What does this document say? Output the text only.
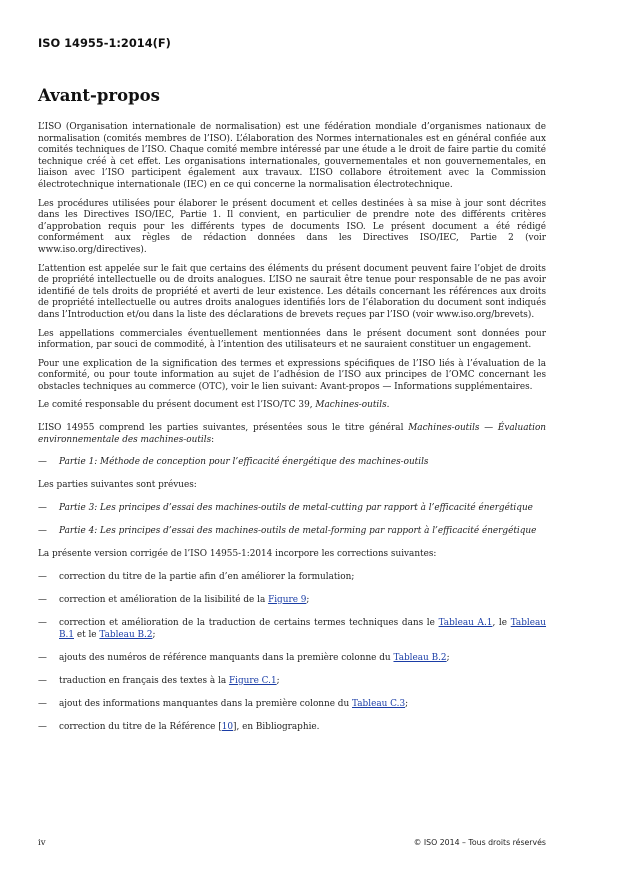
ISO 14955-1:2014(F)
Avant-propos

L’ISO (Organisation internationale de normalisation) est une fédération mondiale d’organismes nationaux de normalisation (comités membres de l’ISO). L’élaboration des Normes internationales est en général confiée aux comités techniques de l’ISO. Chaque comité membre intéressé par une étude a le droit de faire partie du comité technique créé à cet effet. Les organisations internationales, gouvernementales et non gouvernementales, en liaison avec l’ISO participent également aux travaux. L’ISO collabore étroitement avec la Commission électrotechnique internationale (IEC) en ce qui concerne la normalisation électrotechnique.

Les procédures utilisées pour élaborer le présent document et celles destinées à sa mise à jour sont décrites dans les Directives ISO/IEC, Partie 1. Il convient, en particulier de prendre note des différents critères d’approbation requis pour les différents types de documents ISO. Le présent document a été rédigé conformément aux règles de rédaction données dans les Directives ISO/IEC, Partie 2 (voir www.iso.org/directives).

L’attention est appelée sur le fait que certains des éléments du présent document peuvent faire l’objet de droits de propriété intellectuelle ou de droits analogues. L’ISO ne saurait être tenue pour responsable de ne pas avoir identifié de tels droits de propriété et averti de leur existence. Les détails concernant les références aux droits de propriété intellectuelle ou autres droits analogues identifiés lors de l’élaboration du document sont indiqués dans l’Introduction et/ou dans la liste des déclarations de brevets reçues par l’ISO (voir www.iso.org/brevets).

Les appellations commerciales éventuellement mentionnées dans le présent document sont données pour information, par souci de commodité, à l’intention des utilisateurs et ne sauraient constituer un engagement.

Pour une explication de la signification des termes et expressions spécifiques de l’ISO liés à l’évaluation de la conformité, ou pour toute information au sujet de l’adhésion de l’ISO aux principes de l’OMC concernant les obstacles techniques au commerce (OTC), voir le lien suivant: Avant-propos — Informations supplémentaires.

Le comité responsable du présent document est l’ISO/TC 39, Machines-outils.

L’ISO 14955 comprend les parties suivantes, présentées sous le titre général Machines-outils — Évaluation environnementale des machines-outils:

—	Partie 1: Méthode de conception pour l’efficacité énergétique des machines-outils

Les parties suivantes sont prévues:

—	Partie 3: Les principes d’essai des machines-outils de metal-cutting par rapport à l’efficacité énergétique
—	Partie 4: Les principes d’essai des machines-outils de metal-forming par rapport à l’efficacité énergétique

La présente version corrigée de l’ISO 14955-1:2014 incorpore les corrections suivantes:

—	correction du titre de la partie afin d’en améliorer la formulation;
—	correction et amélioration de la lisibilité de la Figure 9;
—	correction et amélioration de la traduction de certains termes techniques dans le Tableau A.1, le Tableau B.1 et le Tableau B.2;
—	ajouts des numéros de référence manquants dans la première colonne du Tableau B.2;
—	traduction en français des textes à la Figure C.1;
—	ajout des informations manquantes dans la première colonne du Tableau C.3;
—	correction du titre de la Référence [10], en Bibliographie.
iv	© ISO 2014 – Tous droits réservés
